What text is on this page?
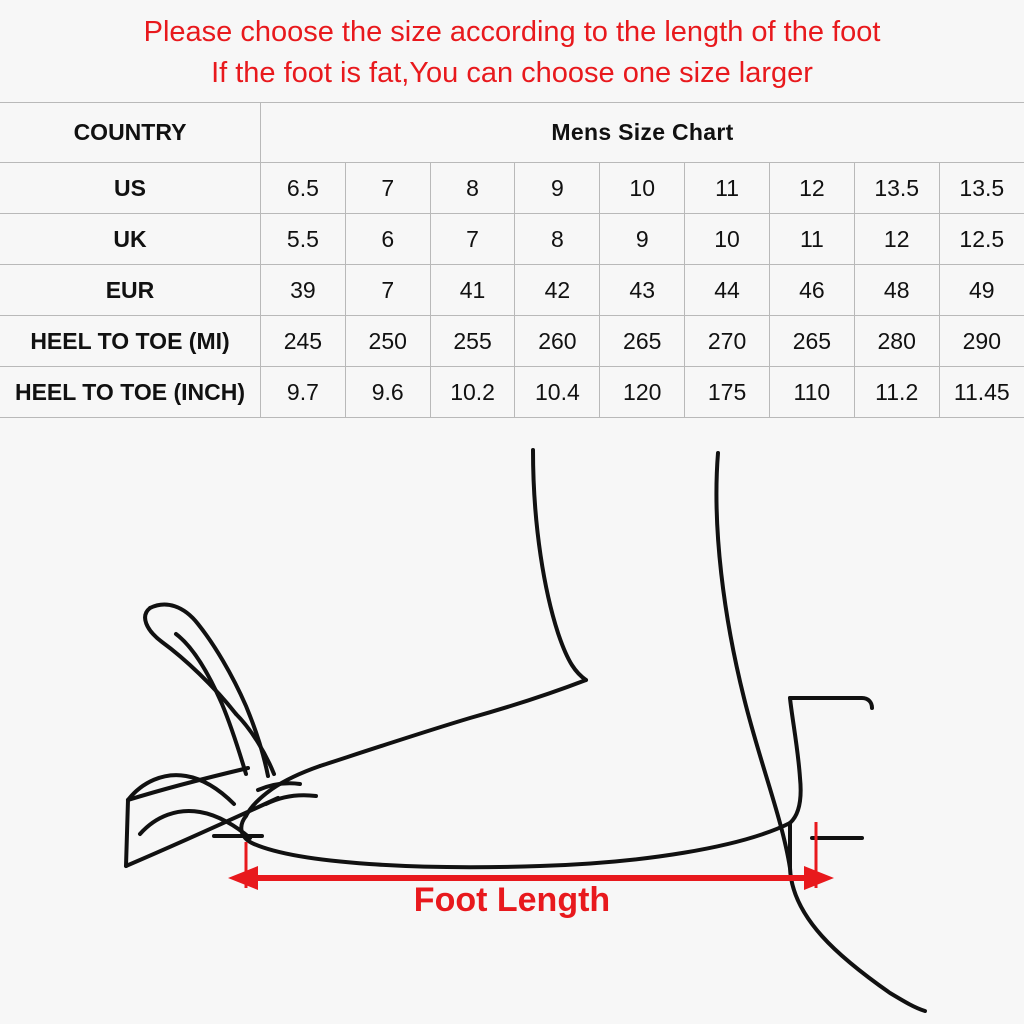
Please choose the size according to the length of the foot
If the foot is fat,You can choose one size larger
COUNTRY	Mens Size Chart								
US	6.5	7	8	9	10	11	12	13.5	13.5
UK	5.5	6	7	8	9	10	11	12	12.5
EUR	39	7	41	42	43	44	46	48	49
HEEL TO TOE (MI)	245	250	255	260	265	270	265	280	290
HEEL TO TOE (INCH)	9.7	9.6	10.2	10.4	120	175	110	11.2	11.45
Foot Length
